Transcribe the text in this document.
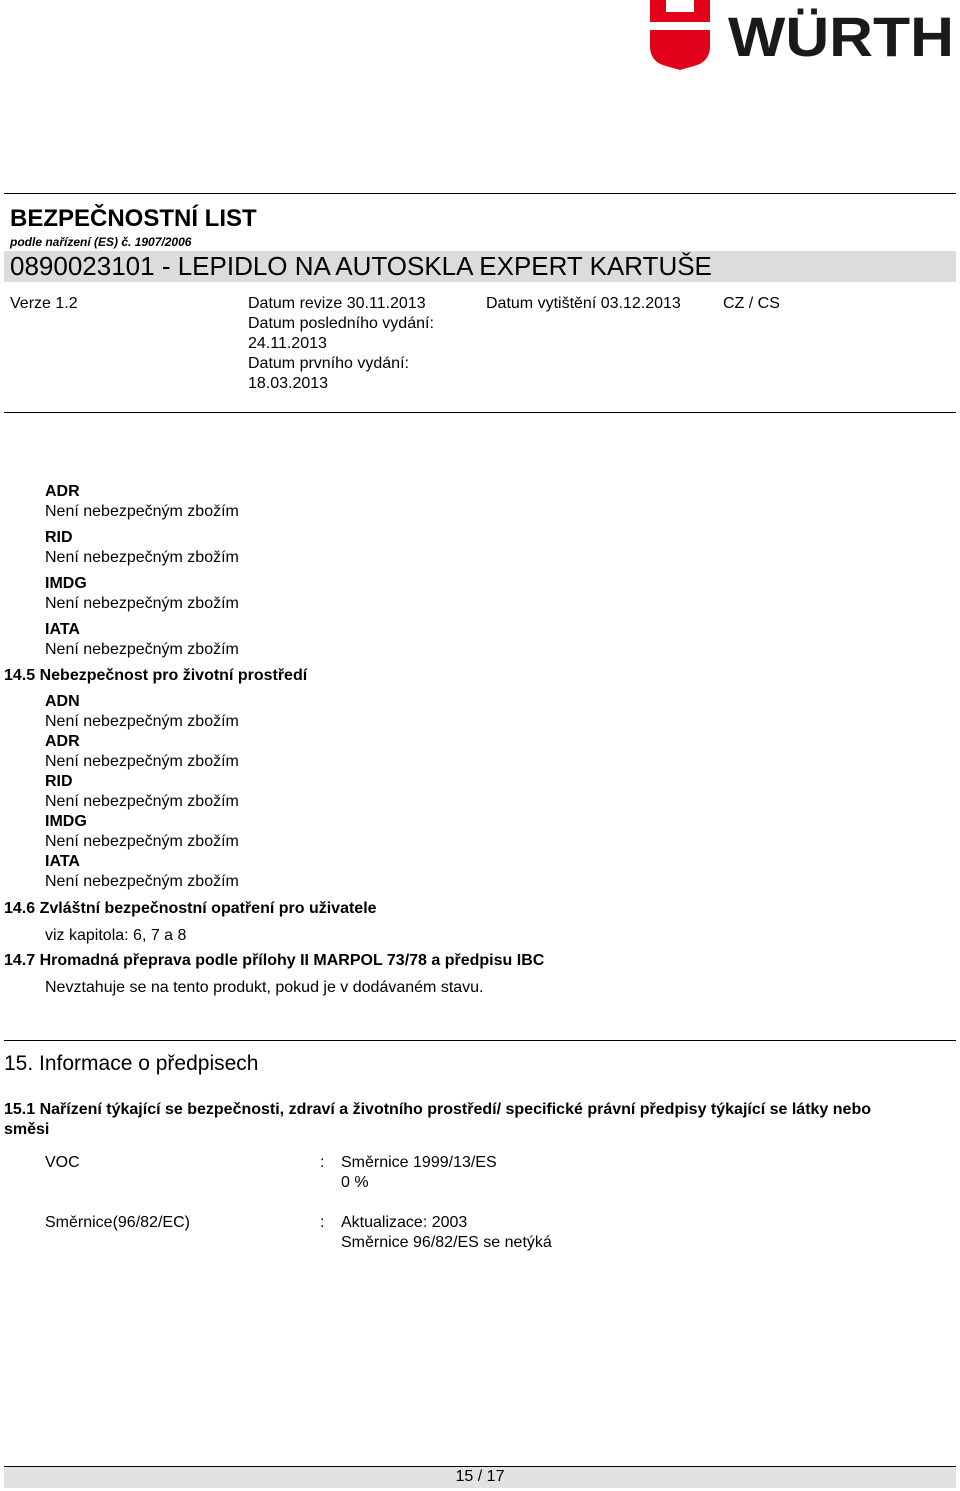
WÜRTH
BEZPEČNOSTNÍ LIST
podle nařízení (ES) č. 1907/2006
0890023101 - LEPIDLO NA AUTOSKLA EXPERT KARTUŠE
Verze 1.2	Datum revize 30.11.2013
Datum posledního vydání:
24.11.2013
Datum prvního vydání:
18.03.2013
Datum vytištění 03.12.2013	CZ / CS
ADR
Není nebezpečným zbožím
RID
Není nebezpečným zbožím
IMDG
Není nebezpečným zbožím
IATA
Není nebezpečným zbožím
14.5 Nebezpečnost pro životní prostředí
ADN
Není nebezpečným zbožím
ADR
Není nebezpečným zbožím
RID
Není nebezpečným zbožím
IMDG
Není nebezpečným zbožím
IATA
Není nebezpečným zbožím
14.6 Zvláštní bezpečnostní opatření pro uživatele
viz kapitola: 6, 7 a 8
14.7 Hromadná přeprava podle přílohy II MARPOL 73/78 a předpisu IBC
Nevztahuje se na tento produkt, pokud je v dodávaném stavu.
15. Informace o předpisech
15.1 Nařízení týkající se bezpečnosti, zdraví a životního prostředí/ specifické právní předpisy týkající se látky nebo
směsi
VOC	: Směrnice 1999/13/ES
0 %
Směrnice(96/82/EC)	: Aktualizace: 2003
Směrnice 96/82/ES se netýká
15 / 17
